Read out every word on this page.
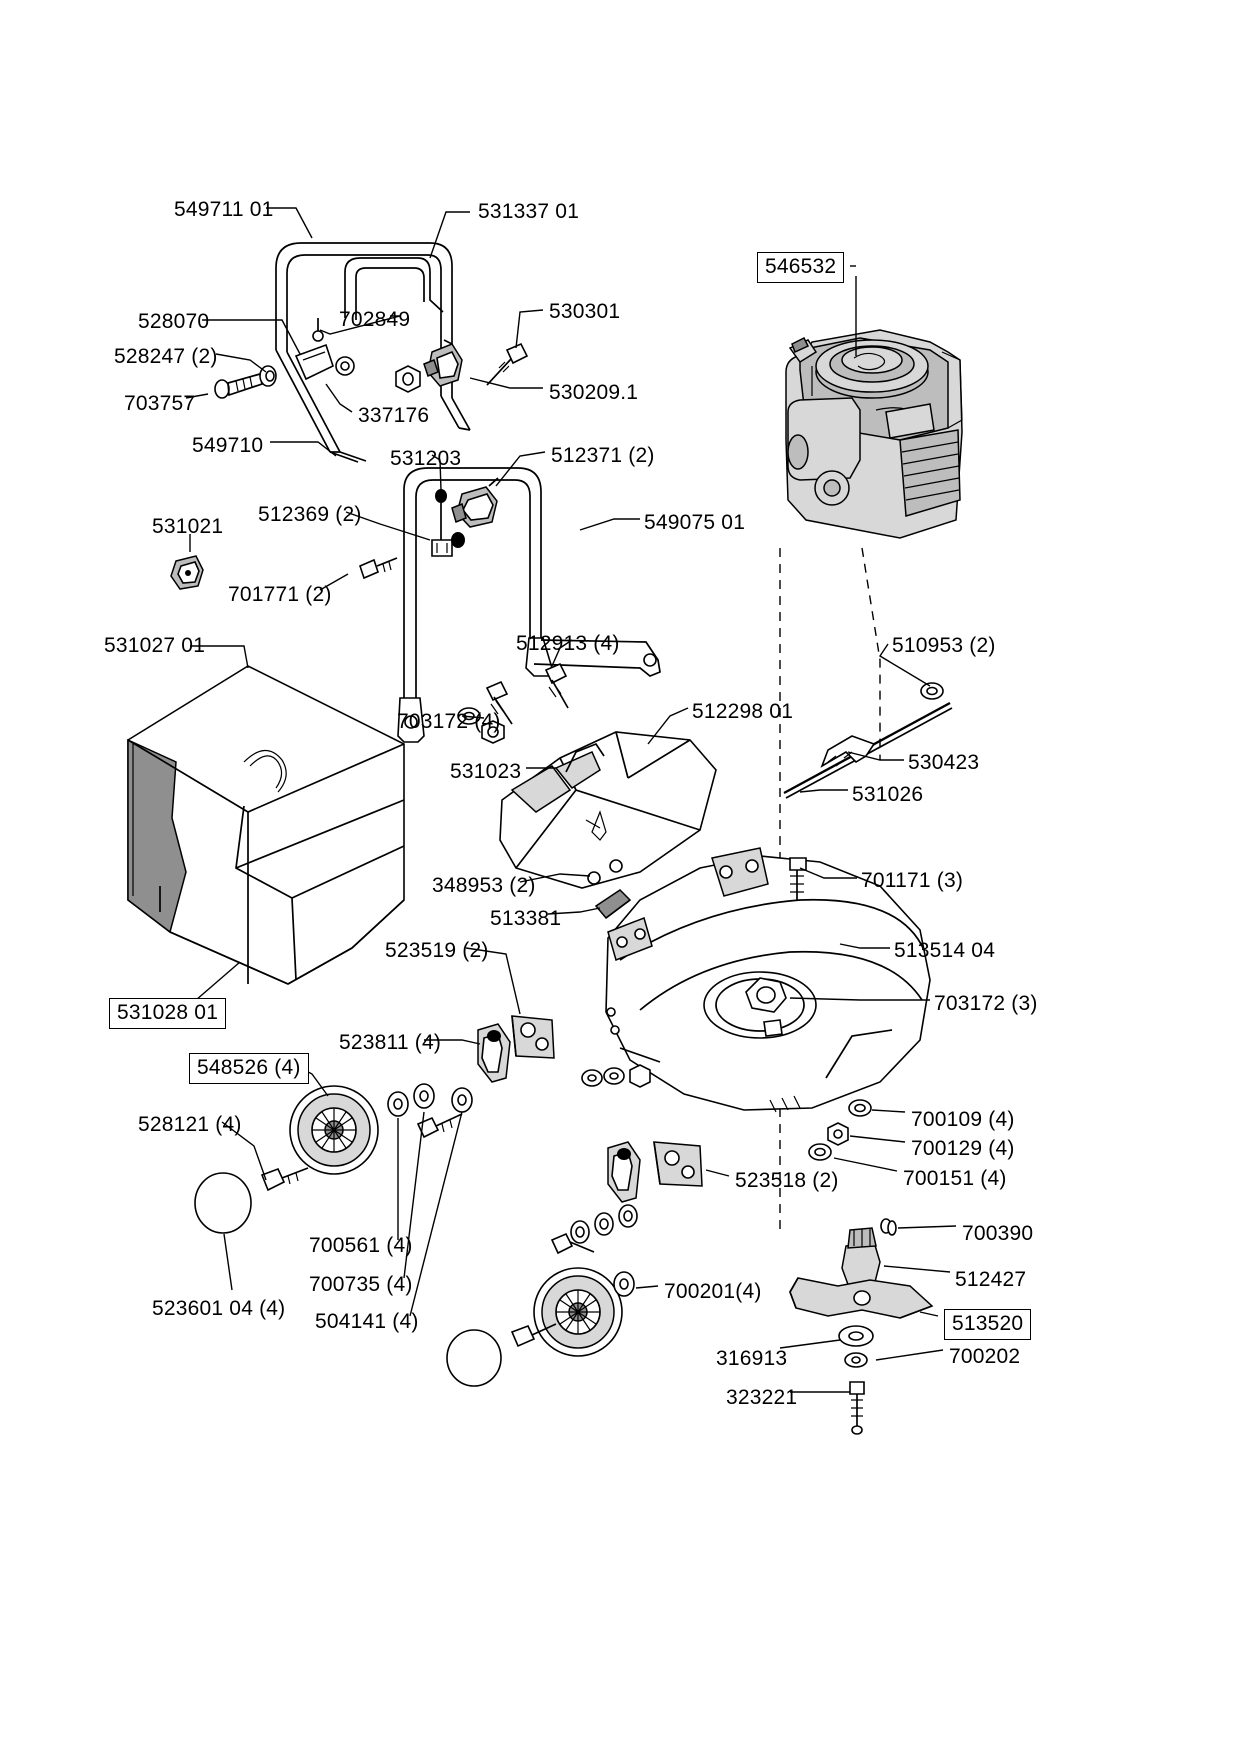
549711 01	531337 01
546532
528070	702849	530301
528247 (2)
530209.1
703757
337176
549710
531203	512371 (2)
512369 (2)	549075 01
531021
701771 (2)
512913 (4)
531027 01	510953 (2)
703172 (4)	512298 01
531023	530423
531026
348953 (2)	701171 (3)
513381
513514 04
523519 (2)
703172 (3)
531028 01
523811 (4)
548526 (4)
528121 (4)	700109 (4)
700129 (4)
700151 (4)
523518 (2)
700390
700561 (4)
512427
700735 (4)	700201(4)
523601 04 (4)
504141 (4)	513520
316913	700202
323221
